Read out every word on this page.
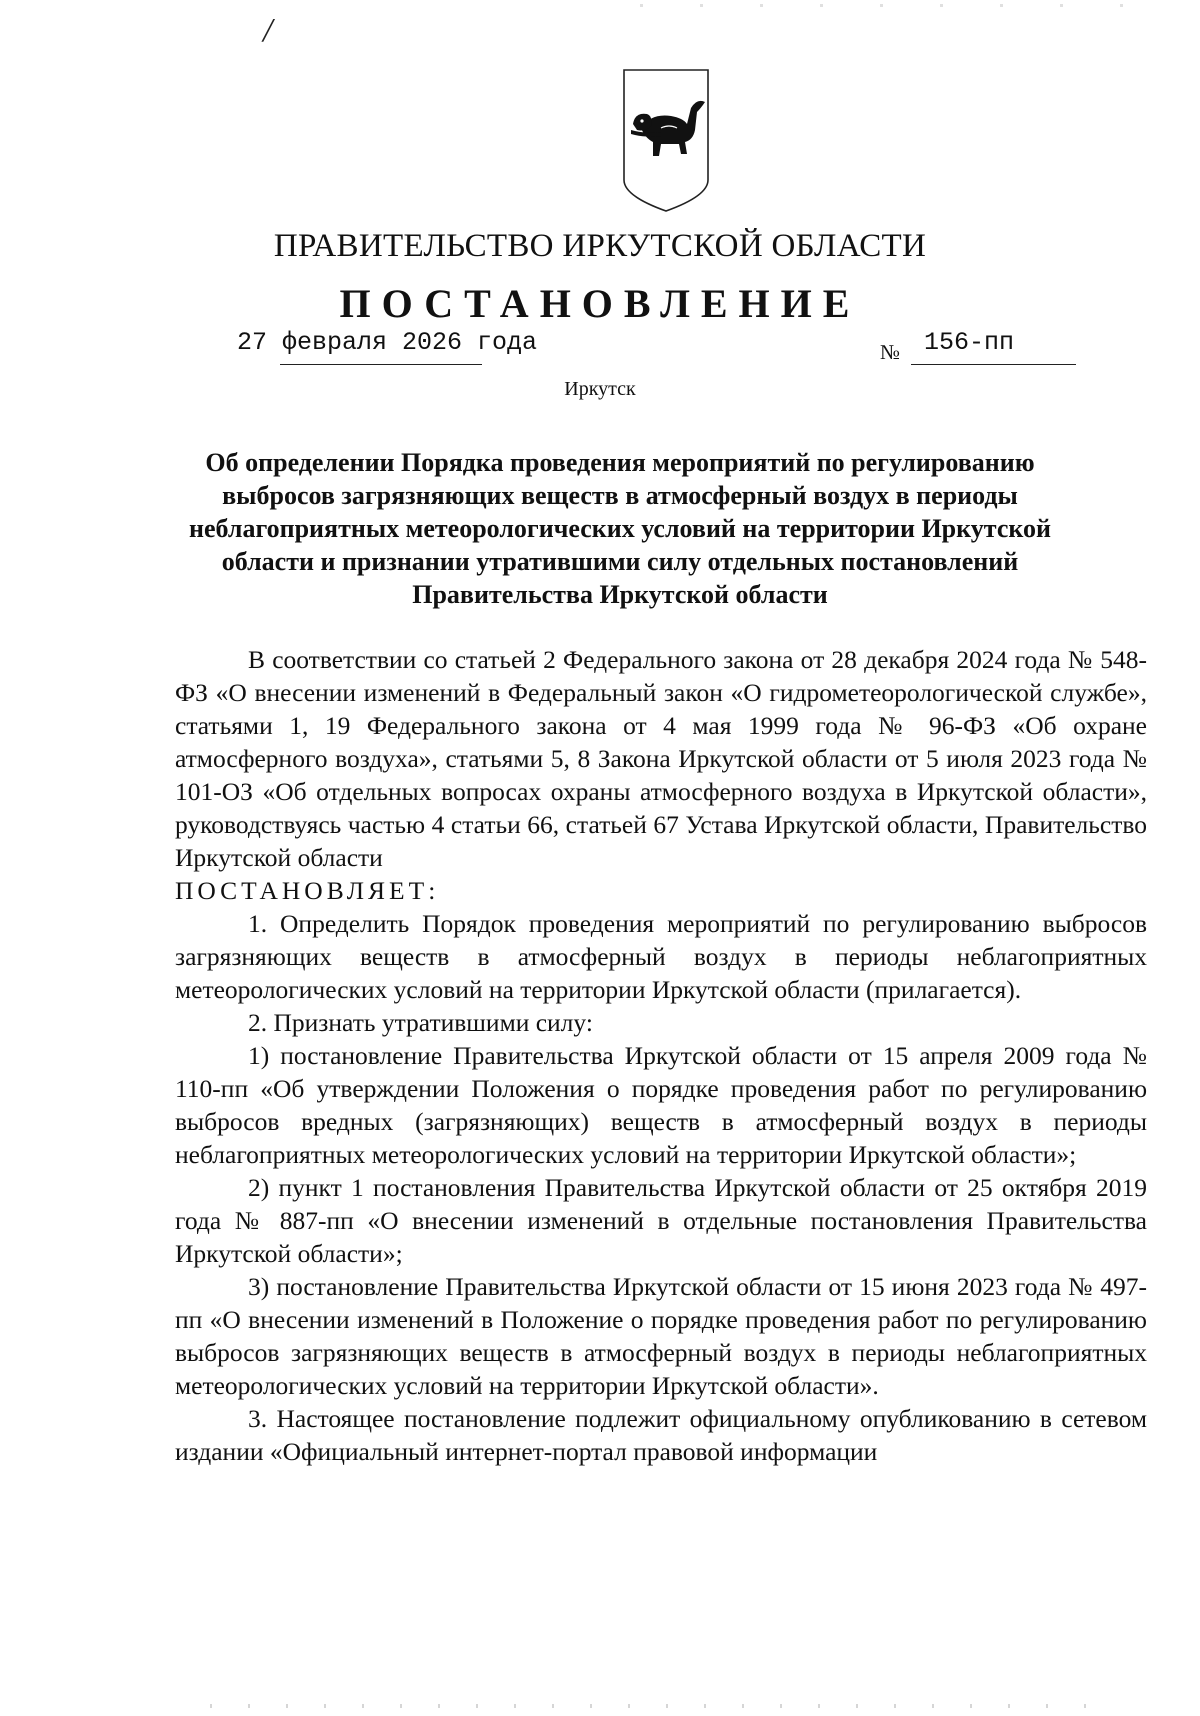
/
ПРАВИТЕЛЬСТВО ИРКУТСКОЙ ОБЛАСТИ
ПОСТАНОВЛЕНИЕ
27 февраля 2026 года	№ 156-пп
Иркутск
Об определении Порядка проведения мероприятий по регулированию выбросов загрязняющих веществ в атмосферный воздух в периоды неблагоприятных метеорологических условий на территории Иркутской области и признании утратившими силу отдельных постановлений Правительства Иркутской области

В соответствии со статьей 2 Федерального закона от 28 декабря 2024 года № 548-ФЗ «О внесении изменений в Федеральный закон «О гидрометеорологической службе», статьями 1, 19 Федерального закона от 4 мая 1999 года № 96-ФЗ «Об охране атмосферного воздуха», статьями 5, 8 Закона Иркутской области от 5 июля 2023 года № 101-ОЗ «Об отдельных вопросах охраны атмосферного воздуха в Иркутской области», руководствуясь частью 4 статьи 66, статьей 67 Устава Иркутской области, Правительство Иркутской области

ПОСТАНОВЛЯЕТ:

1. Определить Порядок проведения мероприятий по регулированию выбросов загрязняющих веществ в атмосферный воздух в периоды неблагоприятных метеорологических условий на территории Иркутской области (прилагается).

2. Признать утратившими силу:

1) постановление Правительства Иркутской области от 15 апреля 2009 года № 110-пп «Об утверждении Положения о порядке проведения работ по регулированию выбросов вредных (загрязняющих) веществ в атмосферный воздух в периоды неблагоприятных метеорологических условий на территории Иркутской области»;

2) пункт 1 постановления Правительства Иркутской области от 25 октября 2019 года № 887-пп «О внесении изменений в отдельные постановления Правительства Иркутской области»;

3) постановление Правительства Иркутской области от 15 июня 2023 года № 497-пп «О внесении изменений в Положение о порядке проведения работ по регулированию выбросов загрязняющих веществ в атмосферный воздух в периоды неблагоприятных метеорологических условий на территории Иркутской области».

3. Настоящее постановление подлежит официальному опубликованию в сетевом издании «Официальный интернет-портал правовой информации
